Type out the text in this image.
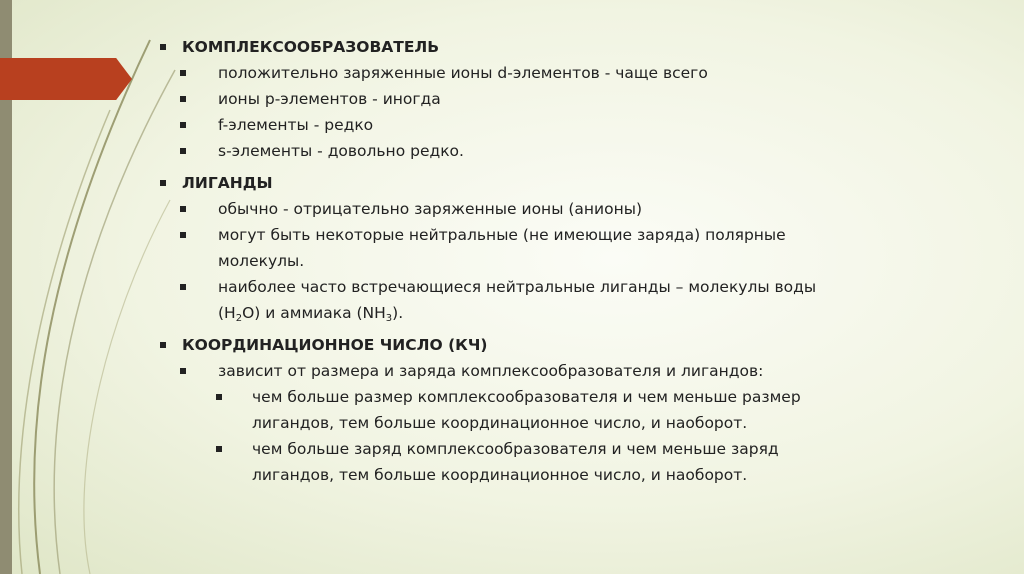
КОМПЛЕКСООБРАЗОВАТЕЛЬ
положительно заряженные ионы d-элементов - чаще всего
ионы р-элементов - иногда
f-элементы - редко
s-элементы - довольно редко.
ЛИГАНДЫ
обычно - отрицательно заряженные ионы (анионы)
могут быть некоторые нейтральные (не имеющие заряда) полярные
молекулы.
наиболее часто встречающиеся нейтральные лиганды – молекулы воды
$(H_2O)$ и аммиака $(NH_3)$.
КООРДИНАЦИОННОЕ ЧИСЛО (КЧ)
зависит от размера и заряда комплексообразователя и лигандов:
чем больше размер комплексообразователя и чем меньше размер
лигандов, тем больше координационное число, и наоборот.
чем больше заряд комплексообразователя и чем меньше заряд
лигандов, тем больше координационное число, и наоборот.
